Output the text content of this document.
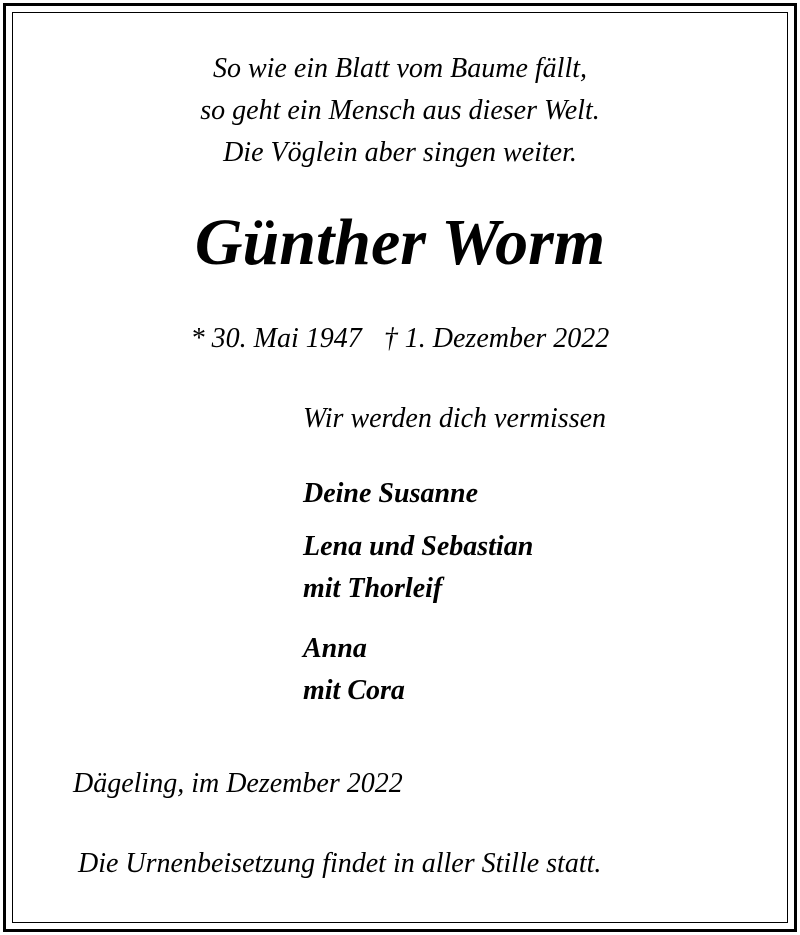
So wie ein Blatt vom Baume fällt,

so geht ein Mensch aus dieser Welt.

Die Vöglein aber singen weiter.

Günther Worm

* 30. Mai 1947 † 1. Dezember 2022

Wir werden dich vermissen

Deine Susanne

Lena und Sebastian

mit Thorleif

Anna

mit Cora

Dägeling, im Dezember 2022

Die Urnenbeisetzung findet in aller Stille statt.
